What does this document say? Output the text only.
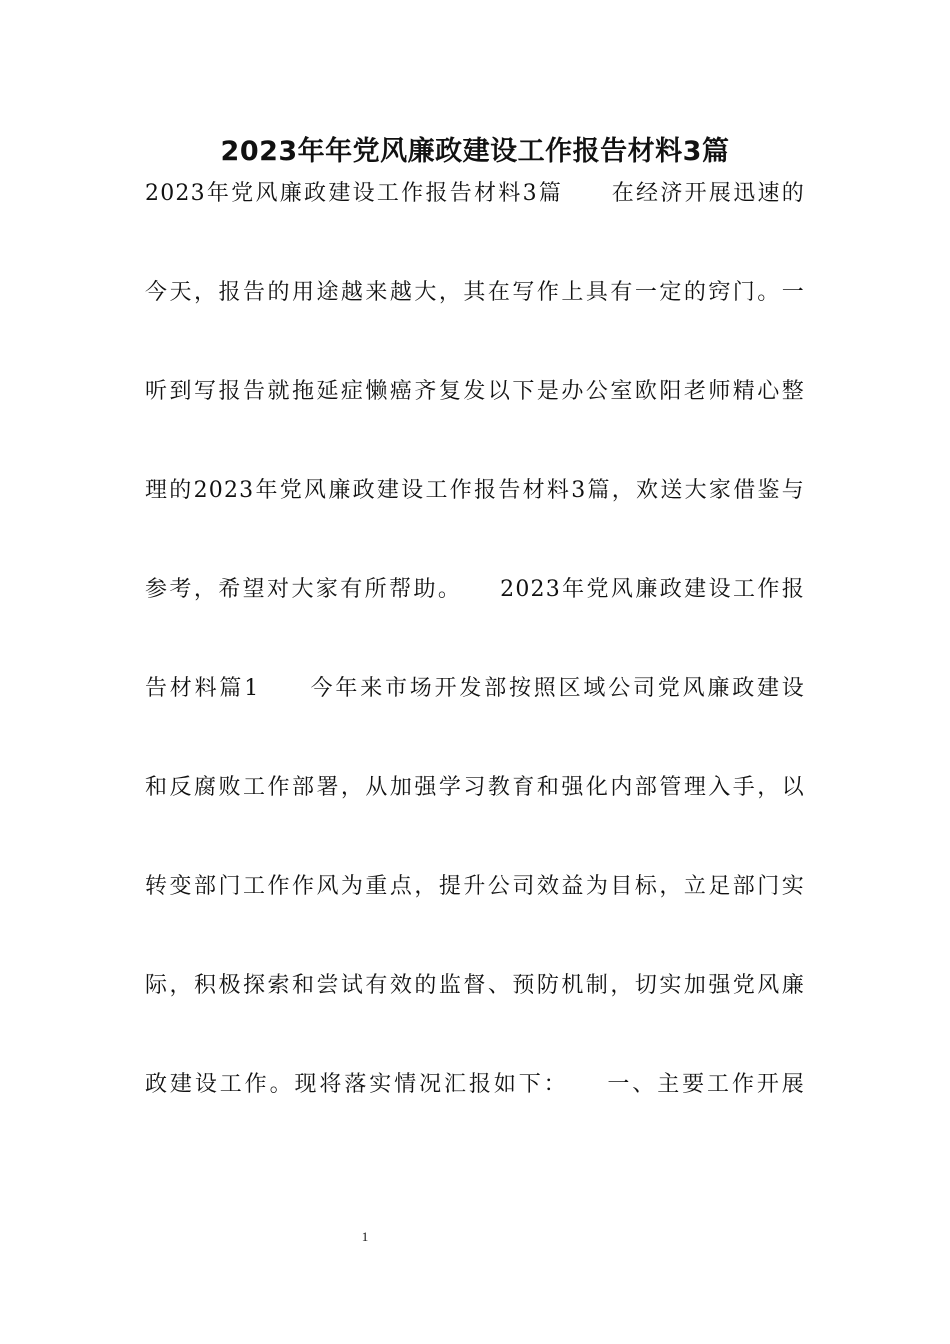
2023年年党风廉政建设工作报告材料3篇
2023年党风廉政建设工作报告材料3篇　　在经济开展迅速的
今天，报告的用途越来越大，其在写作上具有一定的窍门。一
听到写报告就拖延症懒癌齐复发以下是办公室欧阳老师精心整
理的2023年党风廉政建设工作报告材料3篇，欢送大家借鉴与
参考，希望对大家有所帮助。　　2023年党风廉政建设工作报
告材料篇1　　今年来市场开发部按照区域公司党风廉政建设
和反腐败工作部署，从加强学习教育和强化内部管理入手，以
转变部门工作作风为重点，提升公司效益为目标，立足部门实
际，积极探索和尝试有效的监督、预防机制，切实加强党风廉
政建设工作。现将落实情况汇报如下：　　一、主要工作开展
1
